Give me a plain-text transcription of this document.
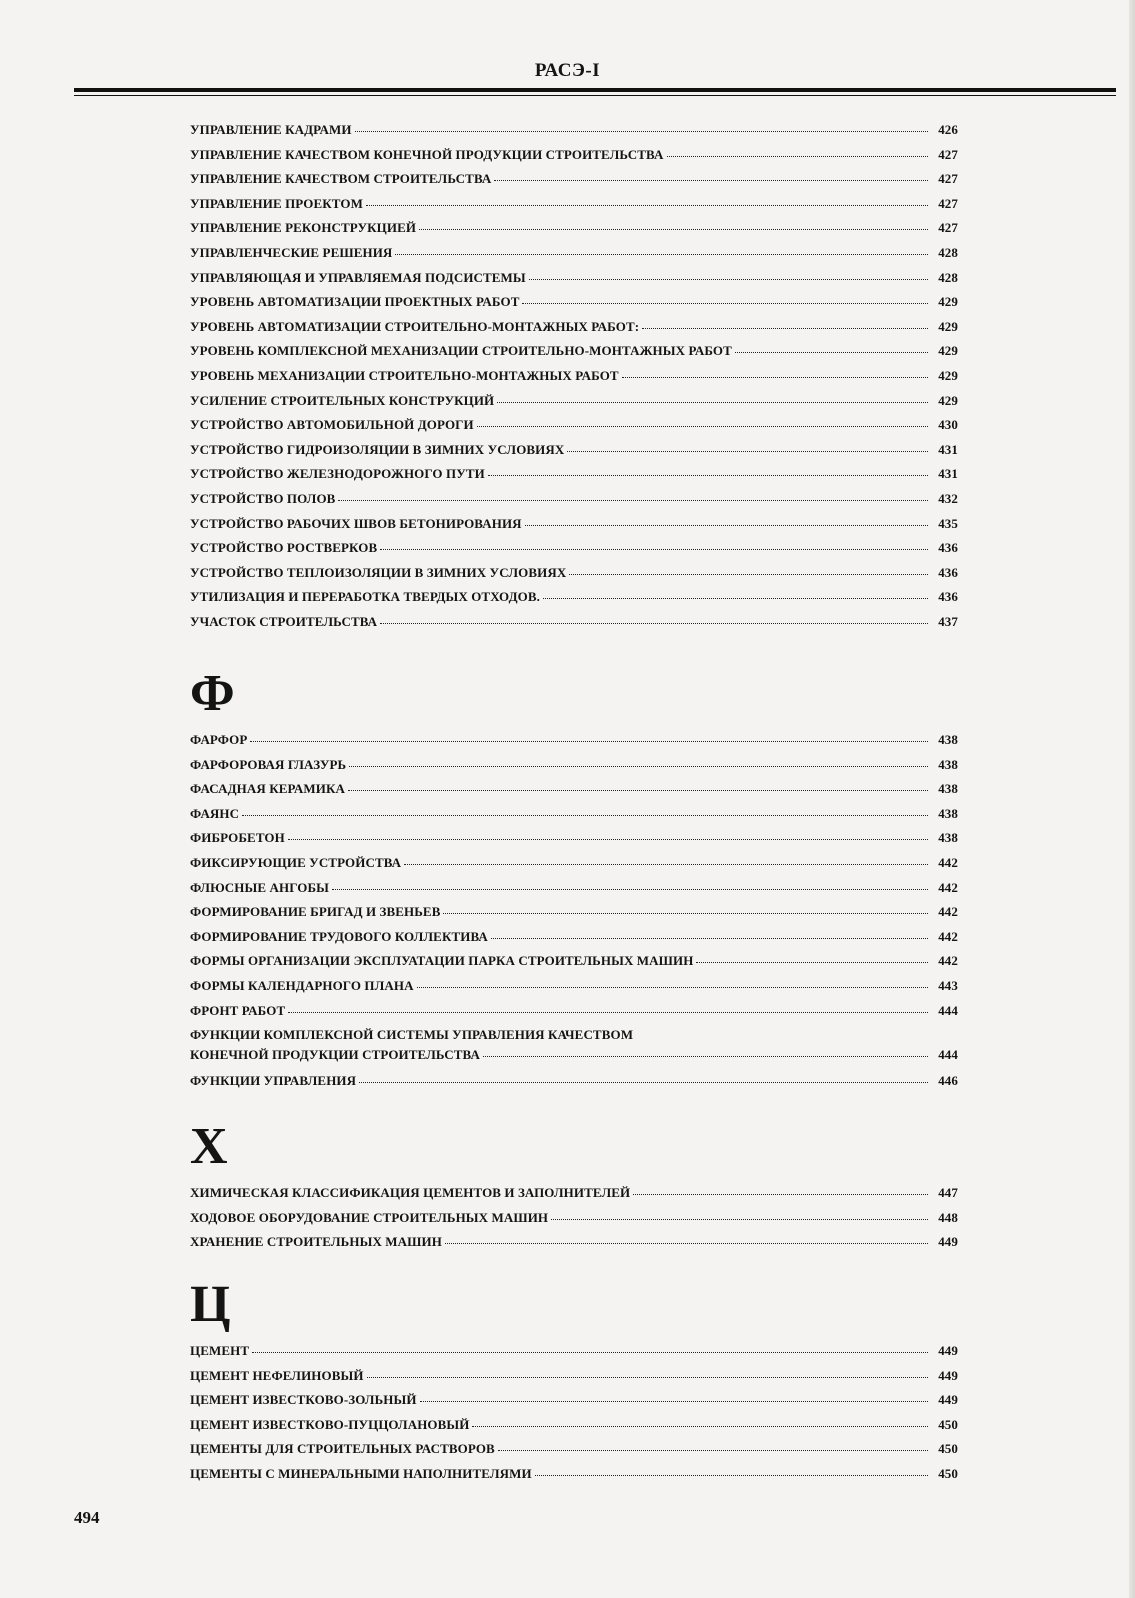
РАСЭ-I
УПРАВЛЕНИЕ КАДРАМИ	426
УПРАВЛЕНИЕ КАЧЕСТВОМ КОНЕЧНОЙ ПРОДУКЦИИ СТРОИТЕЛЬСТВА	427
УПРАВЛЕНИЕ КАЧЕСТВОМ СТРОИТЕЛЬСТВА	427
УПРАВЛЕНИЕ ПРОЕКТОМ	427
УПРАВЛЕНИЕ РЕКОНСТРУКЦИЕЙ	427
УПРАВЛЕНЧЕСКИЕ РЕШЕНИЯ	428
УПРАВЛЯЮЩАЯ И УПРАВЛЯЕМАЯ ПОДСИСТЕМЫ	428
УРОВЕНЬ АВТОМАТИЗАЦИИ ПРОЕКТНЫХ РАБОТ	429
УРОВЕНЬ АВТОМАТИЗАЦИИ СТРОИТЕЛЬНО-МОНТАЖНЫХ РАБОТ:	429
УРОВЕНЬ КОМПЛЕКСНОЙ МЕХАНИЗАЦИИ СТРОИТЕЛЬНО-МОНТАЖНЫХ РАБОТ	429
УРОВЕНЬ МЕХАНИЗАЦИИ СТРОИТЕЛЬНО-МОНТАЖНЫХ РАБОТ	429
УСИЛЕНИЕ СТРОИТЕЛЬНЫХ КОНСТРУКЦИЙ	429
УСТРОЙСТВО АВТОМОБИЛЬНОЙ ДОРОГИ	430
УСТРОЙСТВО ГИДРОИЗОЛЯЦИИ В ЗИМНИХ УСЛОВИЯХ	431
УСТРОЙСТВО ЖЕЛЕЗНОДОРОЖНОГО ПУТИ	431
УСТРОЙСТВО ПОЛОВ	432
УСТРОЙСТВО РАБОЧИХ ШВОВ БЕТОНИРОВАНИЯ	435
УСТРОЙСТВО РОСТВЕРКОВ	436
УСТРОЙСТВО ТЕПЛОИЗОЛЯЦИИ В ЗИМНИХ УСЛОВИЯХ	436
УТИЛИЗАЦИЯ И ПЕРЕРАБОТКА ТВЕРДЫХ ОТХОДОВ.	436
УЧАСТОК СТРОИТЕЛЬСТВА	437
Ф
ФАРФОР	438
ФАРФОРОВАЯ ГЛАЗУРЬ	438
ФАСАДНАЯ КЕРАМИКА	438
ФАЯНС	438
ФИБРОБЕТОН	438
ФИКСИРУЮЩИЕ УСТРОЙСТВА	442
ФЛЮСНЫЕ АНГОБЫ	442
ФОРМИРОВАНИЕ БРИГАД И ЗВЕНЬЕВ	442
ФОРМИРОВАНИЕ ТРУДОВОГО КОЛЛЕКТИВА	442
ФОРМЫ ОРГАНИЗАЦИИ ЭКСПЛУАТАЦИИ ПАРКА СТРОИТЕЛЬНЫХ МАШИН	442
ФОРМЫ КАЛЕНДАРНОГО ПЛАНА	443
ФРОНТ РАБОТ	444
ФУНКЦИИ КОМПЛЕКСНОЙ СИСТЕМЫ УПРАВЛЕНИЯ КАЧЕСТВОМ
КОНЕЧНОЙ ПРОДУКЦИИ СТРОИТЕЛЬСТВА	444
ФУНКЦИИ УПРАВЛЕНИЯ	446
Х
ХИМИЧЕСКАЯ КЛАССИФИКАЦИЯ ЦЕМЕНТОВ И ЗАПОЛНИТЕЛЕЙ	447
ХОДОВОЕ ОБОРУДОВАНИЕ СТРОИТЕЛЬНЫХ МАШИН	448
ХРАНЕНИЕ СТРОИТЕЛЬНЫХ МАШИН	449
Ц
ЦЕМЕНТ	449
ЦЕМЕНТ НЕФЕЛИНОВЫЙ	449
ЦЕМЕНТ ИЗВЕСТКОВО-ЗОЛЬНЫЙ	449
ЦЕМЕНТ ИЗВЕСТКОВО-ПУЦЦОЛАНОВЫЙ	450
ЦЕМЕНТЫ ДЛЯ СТРОИТЕЛЬНЫХ РАСТВОРОВ	450
ЦЕМЕНТЫ С МИНЕРАЛЬНЫМИ НАПОЛНИТЕЛЯМИ	450
494
